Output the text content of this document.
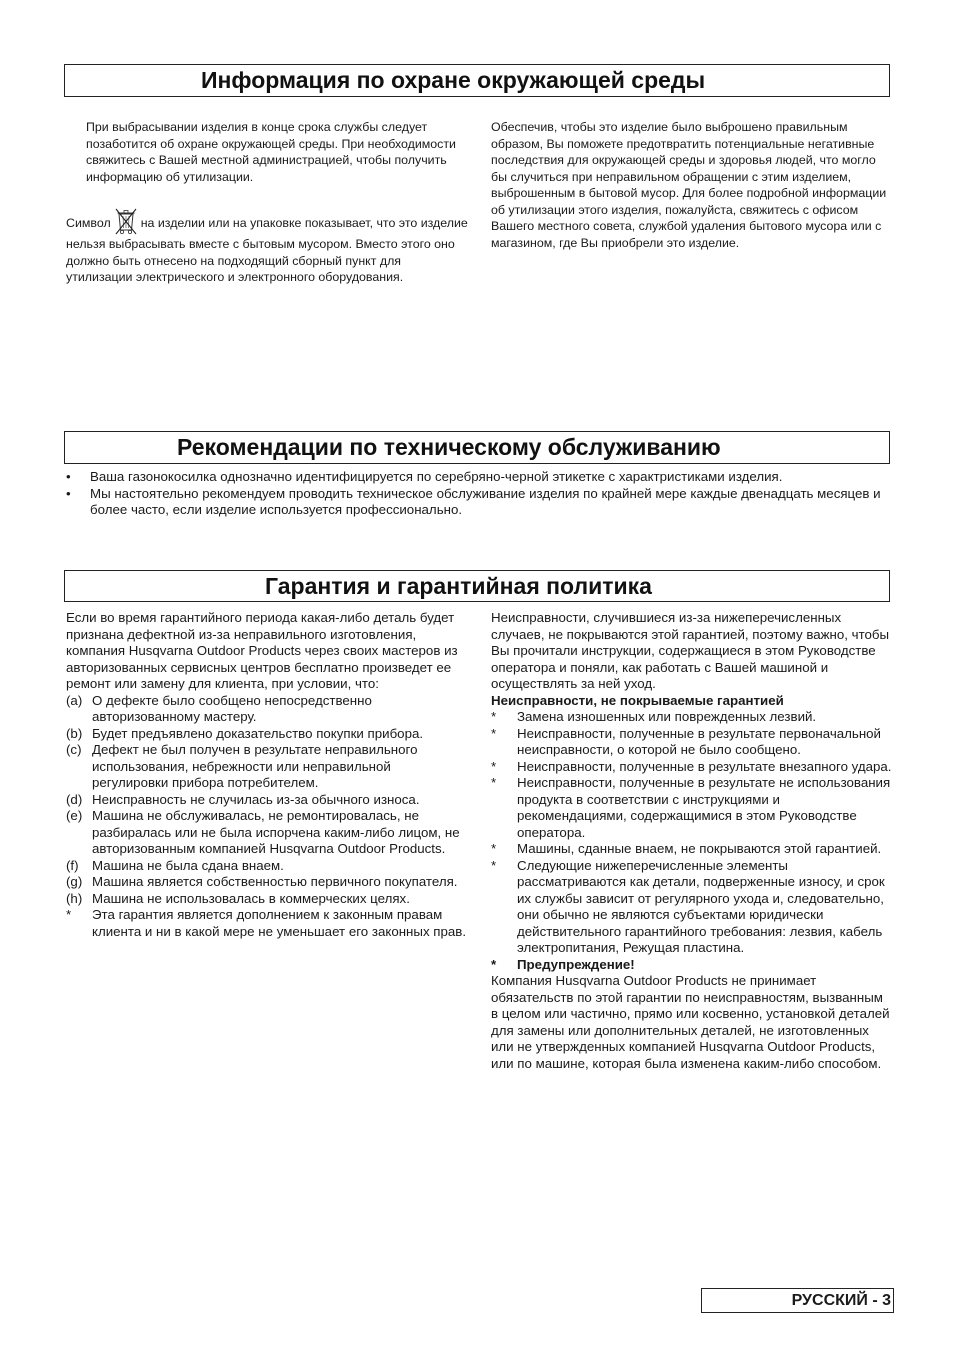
Информация по охране окружающей среды

При выбрасывании изделия в конце срока службы следует позаботится об охране окружающей среды. При необходимости свяжитесь с Вашей местной администрацией, чтобы получить информацию об утилизации.

Символ на изделии или на упаковке показывает, что это изделие нельзя выбрасывать вместе с бытовым мусором. Вместо этого оно должно быть отнесено на подходящий сборный пункт для утилизации электрического и электронного оборудования.

Обеспечив, чтобы это изделие было выброшено правильным образом, Вы поможете предотвратить потенциальные негативные последствия для окружающей среды и здоровья людей, что могло бы случиться при неправильном обращении с этим изделием, выброшенным в бытовой мусор. Для более подробной информации об утилизации этого изделия, пожалуйста, свяжитесь с офисом Вашего местного совета, службой удаления бытового мусора или с магазином, где Вы приобрели это изделие.

Рекомендации по техническому обслуживанию
• Ваша газонокосилка однозначно идентифицируется по серебряно-черной этикетке с характристиками изделия.
• Мы настоятельно рекомендуем проводить техническое обслуживание изделия по крайней мере каждые двенадцать месяцев и более часто, если изделие используется профессионально.
Гарантия и гарантийная политика

Если во время гарантийного периода какая-либо деталь будет признана дефектной из-за неправильного изготовления, компания Husqvarna Outdoor Products через своих мастеров из авторизованных сервисных центров бесплатно произведет ее ремонт или замену для клиента, при условии, что:

(a) О дефекте было сообщено непосредственно авторизованному мастеру.
(b) Будет предъявлено доказательство покупки прибора.
(c) Дефект не был получен в результате неправильного использования, небрежности или неправильной регулировки прибора потребителем.
(d) Неисправность не случилась из-за обычного износа.
(e) Машина не обслуживалась, не ремонтировалась, не разбиралась или не была испорчена каким-либо лицом, не авторизованным компанией Husqvarna Outdoor Products.
(f) Машина не была сдана внаем.
(g) Машина является собственностью первичного покупателя.
(h) Машина не использовалась в коммерческих целях.
* Эта гарантия является дополнением к законным правам клиента и ни в какой мере не уменьшает его законных прав.

Неисправности, случившиеся из-за нижеперечисленных случаев, не покрываются этой гарантией, поэтому важно, чтобы Вы прочитали инструкции, содержащиеся в этом Руководстве оператора и поняли, как работать с Вашей машиной и осуществлять за ней уход.

Неисправности, не покрываемые гарантией

* Замена изношенных или поврежденных лезвий.
* Неисправности, полученные в результате первоначальной неисправности, о которой не было сообщено.
* Неисправности, полученные в результате внезапного удара.
* Неисправности, полученные в результате не использования продукта в соответствии с инструкциями и рекомендациями, содержащимися в этом Руководстве оператора.
* Машины, сданные внаем, не покрываются этой гарантией.
* Следующие нижеперечисленные элементы рассматриваются как детали, подверженные износу, и срок их службы зависит от регулярного ухода и, следовательно, они обычно не являются субъектами юридически действительного гарантийного требования: лезвия, кабель электропитания, Режущая пластина.
* Предупреждение!

Компания Husqvarna Outdoor Products не принимает обязательств по этой гарантии по неисправностям, вызванным в целом или частично, прямо или косвенно, установкой деталей для замены или дополнительных деталей, не изготовленных или не утвержденных компанией Husqvarna Outdoor Products, или по машине, которая была изменена каким-либо способом.

РУССКИЙ - 3
